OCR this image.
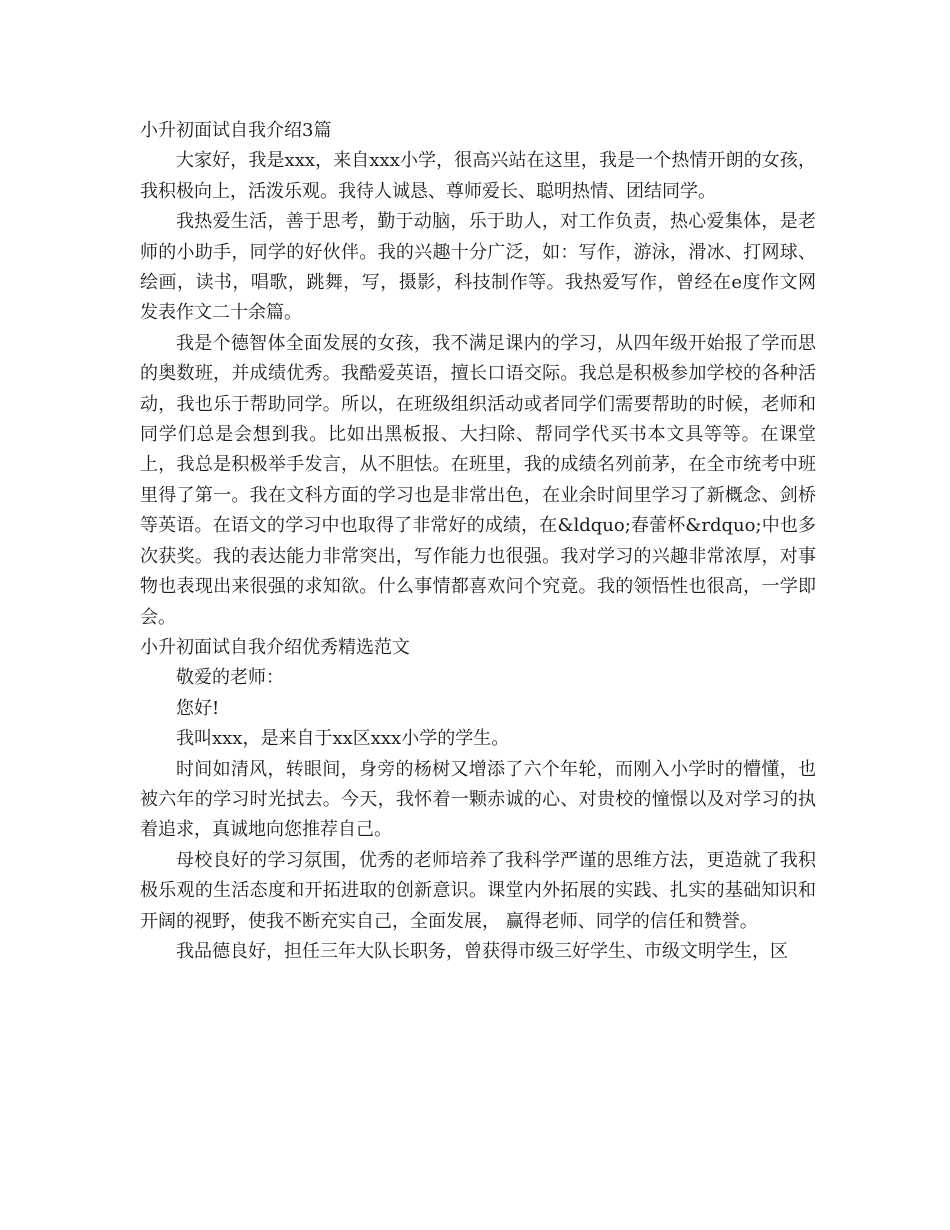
小升初面试自我介绍3篇

大家好，我是xxx，来自xxx小学，很高兴站在这里，我是一个热情开朗的女孩，我积极向上，活泼乐观。我待人诚恳、尊师爱长、聪明热情、团结同学。

我热爱生活，善于思考，勤于动脑，乐于助人，对工作负责，热心爱集体，是老师的小助手，同学的好伙伴。我的兴趣十分广泛，如：写作，游泳，滑冰、打网球、绘画，读书，唱歌，跳舞，写，摄影，科技制作等。我热爱写作，曾经在e度作文网发表作文二十余篇。

我是个德智体全面发展的女孩，我不满足课内的学习，从四年级开始报了学而思的奥数班，并成绩优秀。我酷爱英语，擅长口语交际。我总是积极参加学校的各种活动，我也乐于帮助同学。所以，在班级组织活动或者同学们需要帮助的时候，老师和同学们总是会想到我。比如出黑板报、大扫除、帮同学代买书本文具等等。在课堂上，我总是积极举手发言，从不胆怯。在班里，我的成绩名列前茅，在全市统考中班里得了第一。我在文科方面的学习也是非常出色，在业余时间里学习了新概念、剑桥等英语。在语文的学习中也取得了非常好的成绩，在&ldquo;春蕾杯&rdquo;中也多次获奖。我的表达能力非常突出，写作能力也很强。我对学习的兴趣非常浓厚，对事物也表现出来很强的求知欲。什么事情都喜欢问个究竟。我的领悟性也很高，一学即会。

小升初面试自我介绍优秀精选范文

敬爱的老师：

您好!

我叫xxx，是来自于xx区xxx小学的学生。

时间如清风，转眼间，身旁的杨树又增添了六个年轮，而刚入小学时的懵懂，也被六年的学习时光拭去。今天，我怀着一颗赤诚的心、对贵校的憧憬以及对学习的执着追求，真诚地向您推荐自己。

母校良好的学习氛围，优秀的老师培养了我科学严谨的思维方法，更造就了我积极乐观的生活态度和开拓进取的创新意识。课堂内外拓展的实践、扎实的基础知识和开阔的视野，使我不断充实自己，全面发展， 赢得老师、同学的信任和赞誉。

我品德良好，担任三年大队长职务，曾获得市级三好学生、市级文明学生，区
